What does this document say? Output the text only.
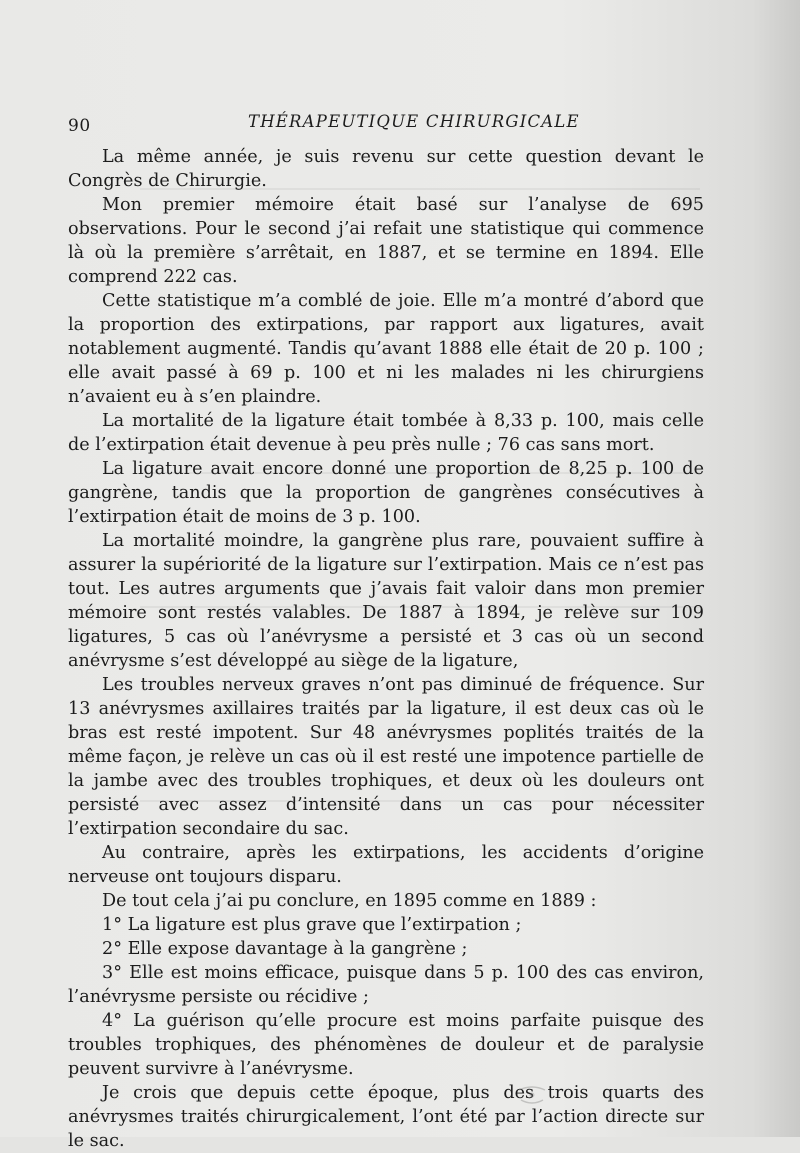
90	THÉRAPEUTIQUE CHIRURGICALE

La même année, je suis revenu sur cette question devant le Congrès de Chirurgie.

Mon premier mémoire était basé sur l’analyse de 695 observations. Pour le second j’ai refait une statistique qui commence là où la première s’arrêtait, en 1887, et se termine en 1894. Elle comprend 222 cas.

Cette statistique m’a comblé de joie. Elle m’a montré d’abord que la proportion des extirpations, par rapport aux ligatures, avait notablement augmenté. Tandis qu’avant 1888 elle était de 20 p. 100 ; elle avait passé à 69 p. 100 et ni les malades ni les chirurgiens n’avaient eu à s’en plaindre.

La mortalité de la ligature était tombée à 8,33 p. 100, mais celle de l’extirpation était devenue à peu près nulle ; 76 cas sans mort.

La ligature avait encore donné une proportion de 8,25 p. 100 de gangrène, tandis que la proportion de gangrènes consécutives à l’extirpation était de moins de 3 p. 100.

La mortalité moindre, la gangrène plus rare, pouvaient suffire à assurer la supériorité de la ligature sur l’extirpation. Mais ce n’est pas tout. Les autres arguments que j’avais fait valoir dans mon premier mémoire sont restés valables. De 1887 à 1894, je relève sur 109 ligatures, 5 cas où l’anévrysme a persisté et 3 cas où un second anévrysme s’est développé au siège de la ligature,

Les troubles nerveux graves n’ont pas diminué de fréquence. Sur 13 anévrysmes axillaires traités par la ligature, il est deux cas où le bras est resté impotent. Sur 48 anévrysmes poplités traités de la même façon, je relève un cas où il est resté une impotence partielle de la jambe avec des troubles trophiques, et deux où les douleurs ont persisté avec assez d’intensité dans un cas pour nécessiter l’extirpation secondaire du sac.

Au contraire, après les extirpations, les accidents d’origine nerveuse ont toujours disparu.

De tout cela j’ai pu conclure, en 1895 comme en 1889 :

1° La ligature est plus grave que l’extirpation ;

2° Elle expose davantage à la gangrène ;

3° Elle est moins efficace, puisque dans 5 p. 100 des cas environ, l’anévrysme persiste ou récidive ;

4° La guérison qu’elle procure est moins parfaite puisque des troubles trophiques, des phénomènes de douleur et de paralysie peuvent survivre à l’anévrysme.

Je crois que depuis cette époque, plus des trois quarts des anévrysmes traités chirurgicalement, l’ont été par l’action directe sur le sac.
